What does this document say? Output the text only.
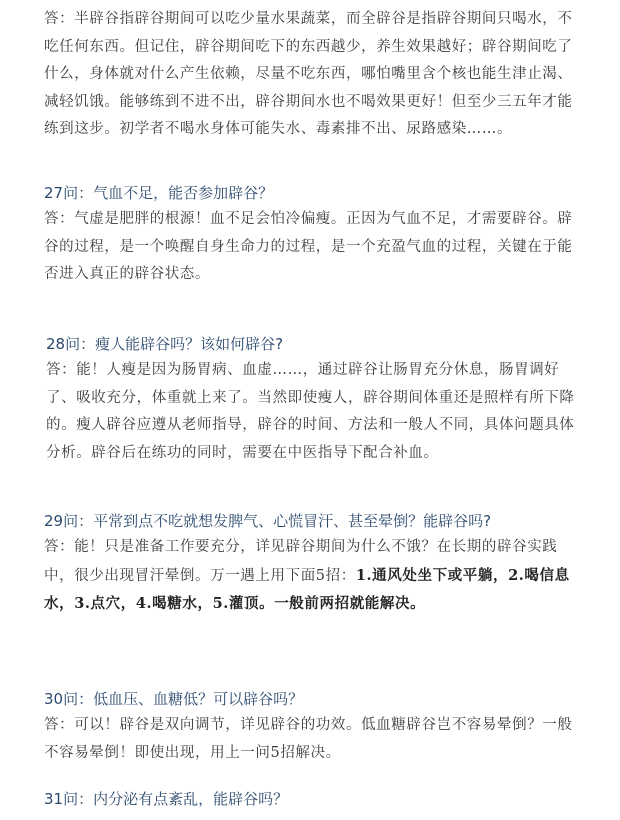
答：半辟谷指辟谷期间可以吃少量水果蔬菜，而全辟谷是指辟谷期间只喝水，不吃任何东西。但记住，辟谷期间吃下的东西越少，养生效果越好；辟谷期间吃了什么，身体就对什么产生依赖，尽量不吃东西，哪怕嘴里含个核也能生津止渴、减轻饥饿。能够练到不进不出，辟谷期间水也不喝效果更好！但至少三五年才能练到这步。初学者不喝水身体可能失水、毒素排不出、尿路感染……。

27问：气血不足，能否参加辟谷？

答：气虚是肥胖的根源！血不足会怕冷偏瘦。正因为气血不足，才需要辟谷。辟谷的过程，是一个唤醒自身生命力的过程，是一个充盈气血的过程，关键在于能否进入真正的辟谷状态。

28问：瘦人能辟谷吗？该如何辟谷?

答：能！人瘦是因为肠胃病、血虚……，通过辟谷让肠胃充分休息，肠胃调好了、吸收充分，体重就上来了。当然即使瘦人，辟谷期间体重还是照样有所下降的。瘦人辟谷应遵从老师指导，辟谷的时间、方法和一般人不同，具体问题具体分析。辟谷后在练功的同时，需要在中医指导下配合补血。

29问：平常到点不吃就想发脾气、心慌冒汗、甚至晕倒？能辟谷吗?

答：能！只是准备工作要充分，详见辟谷期间为什么不饿？在长期的辟谷实践中，很少出现冒汗晕倒。万一遇上用下面5招：1.通风处坐下或平躺，2.喝信息水，3.点穴，4.喝糖水，5.灌顶。一般前两招就能解决。

30问：低血压、血糖低？可以辟谷吗？

答：可以！辟谷是双向调节，详见辟谷的功效。低血糖辟谷岂不容易晕倒？一般不容易晕倒！即使出现，用上一问5招解决。

31问：内分泌有点紊乱，能辟谷吗？
